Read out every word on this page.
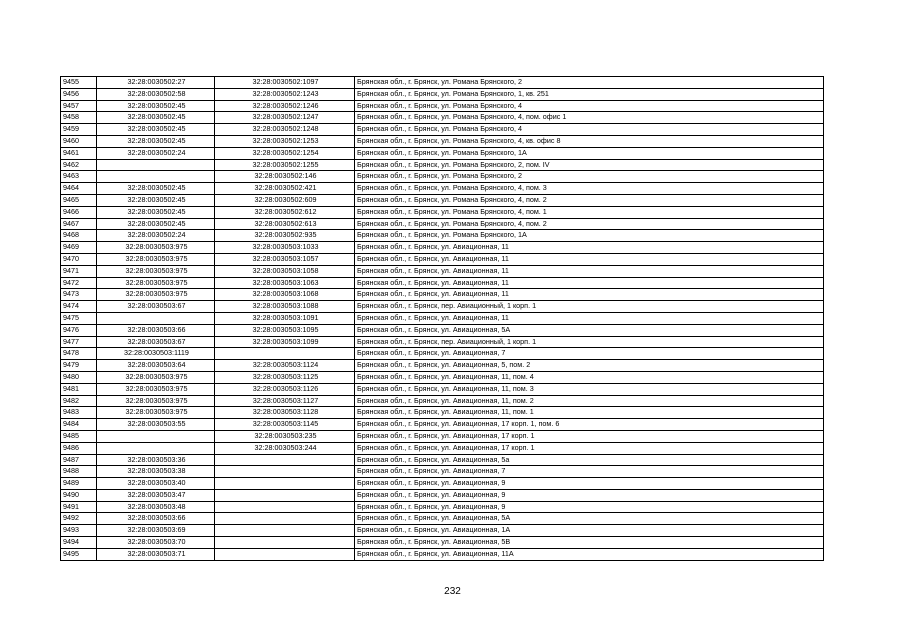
9455	32:28:0030502:27	32:28:0030502:1097	Брянская обл., г. Брянск, ул. Романа Брянского, 2
9456	32:28:0030502:58	32:28:0030502:1243	Брянская обл., г. Брянск, ул. Романа Брянского, 1, кв. 251
9457	32:28:0030502:45	32:28:0030502:1246	Брянская обл., г. Брянск, ул. Романа Брянского, 4
9458	32:28:0030502:45	32:28:0030502:1247	Брянская обл., г. Брянск, ул. Романа Брянского, 4, пом. офис 1
9459	32:28:0030502:45	32:28:0030502:1248	Брянская обл., г. Брянск, ул. Романа Брянского, 4
9460	32:28:0030502:45	32:28:0030502:1253	Брянская обл., г. Брянск, ул. Романа Брянского, 4, кв. офис 8
9461	32:28:0030502:24	32:28:0030502:1254	Брянская обл., г. Брянск, ул. Романа Брянского, 1А
9462		32:28:0030502:1255	Брянская обл., г. Брянск, ул. Романа Брянского, 2, пом. IV
9463		32:28:0030502:146	Брянская обл., г. Брянск, ул. Романа Брянского, 2
9464	32:28:0030502:45	32:28:0030502:421	Брянская обл., г. Брянск, ул. Романа Брянского, 4, пом. 3
9465	32:28:0030502:45	32:28:0030502:609	Брянская обл., г. Брянск, ул. Романа Брянского, 4, пом. 2
9466	32:28:0030502:45	32:28:0030502:612	Брянская обл., г. Брянск, ул. Романа Брянского, 4, пом. 1
9467	32:28:0030502:45	32:28:0030502:613	Брянская обл., г. Брянск, ул. Романа Брянского, 4, пом. 2
9468	32:28:0030502:24	32:28:0030502:935	Брянская обл., г. Брянск, ул. Романа Брянского, 1А
9469	32:28:0030503:975	32:28:0030503:1033	Брянская обл., г. Брянск, ул. Авиационная, 11
9470	32:28:0030503:975	32:28:0030503:1057	Брянская обл., г. Брянск, ул. Авиационная, 11
9471	32:28:0030503:975	32:28:0030503:1058	Брянская обл., г. Брянск, ул. Авиационная, 11
9472	32:28:0030503:975	32:28:0030503:1063	Брянская обл., г. Брянск, ул. Авиационная, 11
9473	32:28:0030503:975	32:28:0030503:1068	Брянская обл., г. Брянск, ул. Авиационная, 11
9474	32:28:0030503:67	32:28:0030503:1088	Брянская обл., г. Брянск, пер. Авиационный, 1 корп. 1
9475		32:28:0030503:1091	Брянская обл., г. Брянск, ул. Авиационная, 11
9476	32:28:0030503:66	32:28:0030503:1095	Брянская обл., г. Брянск, ул. Авиационная, 5А
9477	32:28:0030503:67	32:28:0030503:1099	Брянская обл., г. Брянск, пер. Авиационный, 1 корп. 1
9478	32:28:0030503:1119		Брянская обл., г. Брянск, ул. Авиационная, 7
9479	32:28:0030503:64	32:28:0030503:1124	Брянская обл., г. Брянск, ул. Авиационная, 5, пом. 2
9480	32:28:0030503:975	32:28:0030503:1125	Брянская обл., г. Брянск, ул. Авиационная, 11, пом. 4
9481	32:28:0030503:975	32:28:0030503:1126	Брянская обл., г. Брянск, ул. Авиационная, 11, пом. 3
9482	32:28:0030503:975	32:28:0030503:1127	Брянская обл., г. Брянск, ул. Авиационная, 11, пом. 2
9483	32:28:0030503:975	32:28:0030503:1128	Брянская обл., г. Брянск, ул. Авиационная, 11, пом. 1
9484	32:28:0030503:55	32:28:0030503:1145	Брянская обл., г. Брянск, ул. Авиационная, 17 корп. 1, пом. 6
9485		32:28:0030503:235	Брянская обл., г. Брянск, ул. Авиационная, 17 корп. 1
9486		32:28:0030503:244	Брянская обл., г. Брянск, ул. Авиационная, 17 корп. 1
9487	32:28:0030503:36		Брянская обл., г. Брянск, ул. Авиационная, 5а
9488	32:28:0030503:38		Брянская обл., г. Брянск, ул. Авиационная, 7
9489	32:28:0030503:40		Брянская обл., г. Брянск, ул. Авиационная, 9
9490	32:28:0030503:47		Брянская обл., г. Брянск, ул. Авиационная, 9
9491	32:28:0030503:48		Брянская обл., г. Брянск, ул. Авиационная, 9
9492	32:28:0030503:66		Брянская обл., г. Брянск, ул. Авиационная, 5А
9493	32:28:0030503:69		Брянская обл., г. Брянск, ул. Авиационная, 1А
9494	32:28:0030503:70		Брянская обл., г. Брянск, ул. Авиационная, 5В
9495	32:28:0030503:71		Брянская обл., г. Брянск, ул. Авиационная, 11А
232
